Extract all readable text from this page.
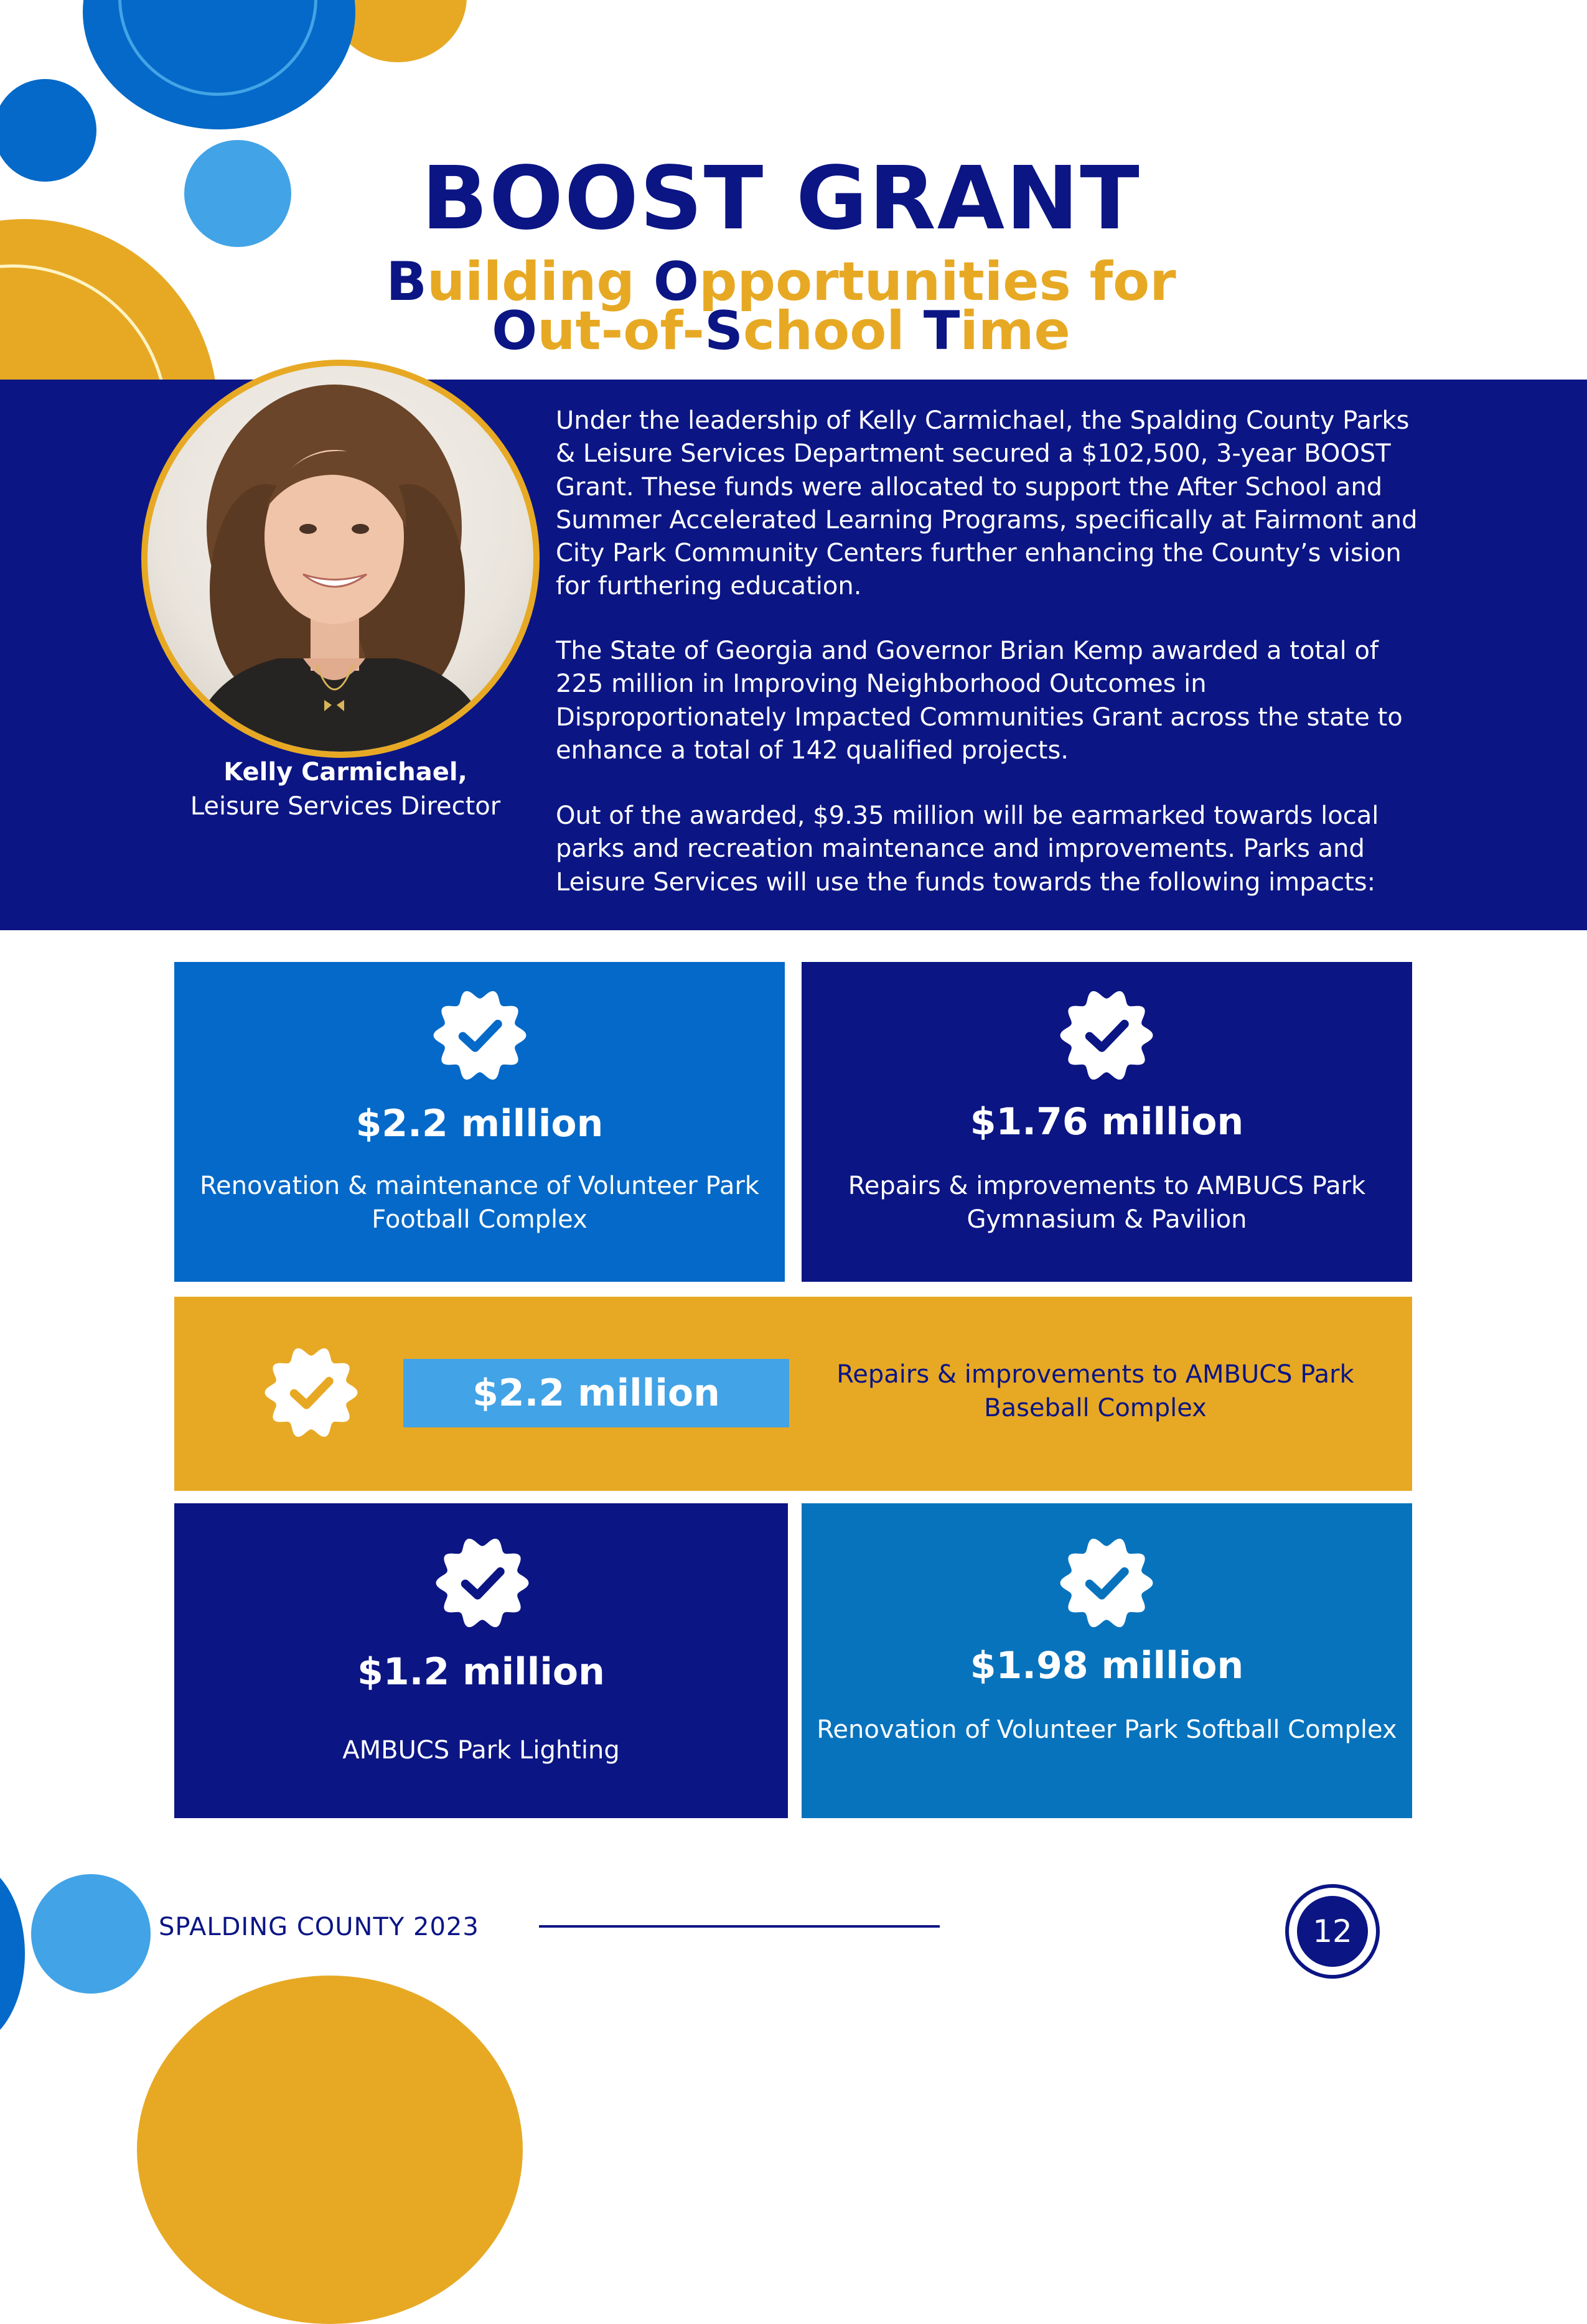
BOOST GRANT
Building Opportunities for
Out-of-School Time
Kelly Carmichael,
Leisure Services Director

Under the leadership of Kelly Carmichael, the Spalding County Parks & Leisure Services Department secured a $102,500, 3-year BOOST Grant. These funds were allocated to support the After School and Summer Accelerated Learning Programs, specifically at Fairmont and City Park Community Centers further enhancing the County’s vision for furthering education.

The State of Georgia and Governor Brian Kemp awarded a total of 225 million in Improving Neighborhood Outcomes in Disproportionately Impacted Communities Grant across the state to enhance a total of 142 qualified projects.

Out of the awarded, $9.35 million will be earmarked towards local parks and recreation maintenance and improvements. Parks and Leisure Services will use the funds towards the following impacts:

$2.2 million
Renovation & maintenance of Volunteer Park Football Complex
$1.76 million
Repairs & improvements to AMBUCS Park Gymnasium & Pavilion
$2.2 million	Repairs & improvements to AMBUCS Park Baseball Complex
$1.2 million
AMBUCS Park Lighting
$1.98 million
Renovation of Volunteer Park Softball Complex
SPALDING COUNTY 2023	12
